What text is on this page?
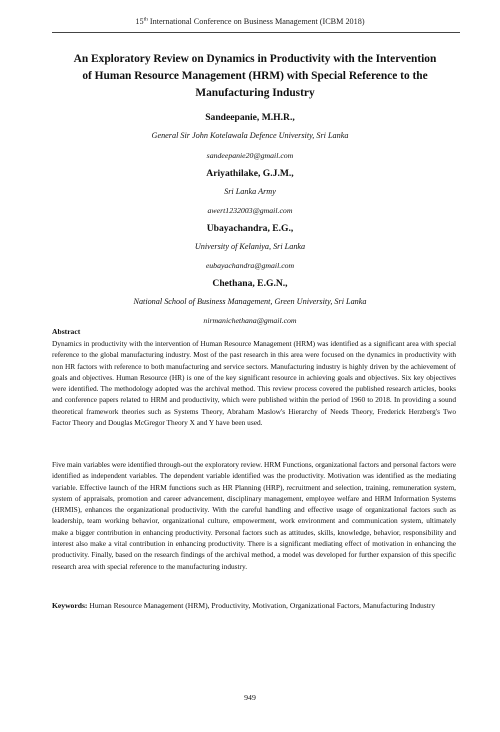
15th International Conference on Business Management (ICBM 2018)
An Exploratory Review on Dynamics in Productivity with the Intervention
of Human Resource Management (HRM) with Special Reference to the
Manufacturing Industry
Sandeepanie, M.H.R.,
General Sir John Kotelawala Defence University, Sri Lanka
sandeepanie20@gmail.com
Ariyathilake, G.J.M.,
Sri Lanka Army
awert1232003@gmail.com
Ubayachandra, E.G.,
University of Kelaniya, Sri Lanka
eubayachandra@gmail.com
Chethana, E.G.N.,
National School of Business Management, Green University, Sri Lanka
nirmanichethana@gmail.com
Abstract

Dynamics in productivity with the intervention of Human Resource Management (HRM) was identified as a significant area with special reference to the global manufacturing industry. Most of the past research in this area were focused on the dynamics in productivity with non HR factors with reference to both manufacturing and service sectors. Manufacturing industry is highly driven by the achievement of goals and objectives. Human Resource (HR) is one of the key significant resource in achieving goals and objectives. Six key objectives were identified. The methodology adopted was the archival method. This review process covered the published research articles, books and conference papers related to HRM and productivity, which were published within the period of 1960 to 2018. In providing a sound theoretical framework theories such as Systems Theory, Abraham Maslow's Hierarchy of Needs Theory, Frederick Herzberg's Two Factor Theory and Douglas McGregor Theory X and Y have been used.

Five main variables were identified through-out the exploratory review. HRM Functions, organizational factors and personal factors were identified as independent variables. The dependent variable identified was the productivity. Motivation was identified as the mediating variable. Effective launch of the HRM functions such as HR Planning (HRP), recruitment and selection, training, remuneration system, system of appraisals, promotion and career advancement, disciplinary management, employee welfare and HRM Information Systems (HRMIS), enhances the organizational productivity. With the careful handling and effective usage of organizational factors such as leadership, team working behavior, organizational culture, empowerment, work environment and communication system, ultimately make a bigger contribution in enhancing productivity. Personal factors such as attitudes, skills, knowledge, behavior, responsibility and interest also make a vital contribution in enhancing productivity. There is a significant mediating effect of motivation in enhancing the productivity. Finally, based on the research findings of the archival method, a model was developed for further expansion of this specific research area with special reference to the manufacturing industry.

Keywords: Human Resource Management (HRM), Productivity, Motivation, Organizational Factors, Manufacturing Industry

949
